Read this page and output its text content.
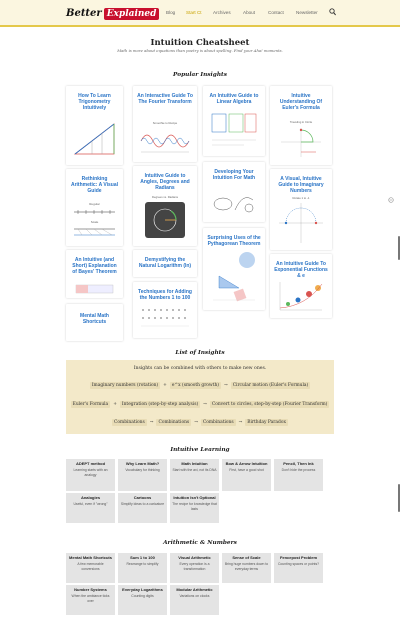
Better Explained	Blog Start Ct Archives	About	Contact	Newsletter
Intuition Cheatsheet
Math is more about equations than poetry is about spelling. Find your Aha! moments.
Popular Insights
How To Learn Trigonometry Intuitively
Rethinking Arithmetic: A Visual Guide
Regular
Scale
An Intuitive (and Short) Explanation of Bayes' Theorem
Mental Math Shortcuts
An Interactive Guide To The Fourier Transform
Smoothie to Recipe
Intuitive Guide to Angles, Degrees and Radians
Degrees vs. Radians
Demystifying the Natural Logarithm (ln)
Techniques for Adding the Numbers 1 to 100
An Intuitive Guide to Linear Algebra
Developing Your Intuition For Math
Surprising Uses of the Pythagorean Theorem
Intuitive Understanding Of Euler's Formula
Traveling in Circle
A Visual, Intuitive Guide to Imaginary Numbers
Rotate 1 to -1
An Intuitive Guide To Exponential Functions & e
List of Insights
Insights can be combined with others to make new ones.
Imaginary numbers (rotation)	+	e^x (smooth growth)	→	Circular motion (Euler's Formula)
Euler's Formula	+	Integration (step-by-step analysis)	→	Convert to circles, step-by-step (Fourier Transform)
Combinations	→	Combinations	→	Combinations	→	Birthday Paradox
Intuitive Learning
ADEPT method
Learning starts with an analogy
Why Learn Math?
Vocabulary for thinking
Math Intuition
Start with the axi, not its DNA
Bow & Arrow Intuition
First, have a good shot
Pencil, Then Ink
Don't hide the process
Analogies
Useful, even if "wrong"
Cartoons
Simplify ideas to a caricature
Intuition Isn't Optional
The recipe for knowledge that lasts
Arithmetic & Numbers
Mental Math Shortcuts
A few memorable conversions
Sum 1 to 100
Rearrange to simplify
Visual Arithmetic
Every operation is a transformation
Sense of Scale
Bring huge numbers down to everyday terms
Fencepost Problem
Counting spaces or points?
Number Systems
When the ambiance ticks over
Everyday Logarithms
Counting digits
Modular Arithmetic
Variations on clocks
